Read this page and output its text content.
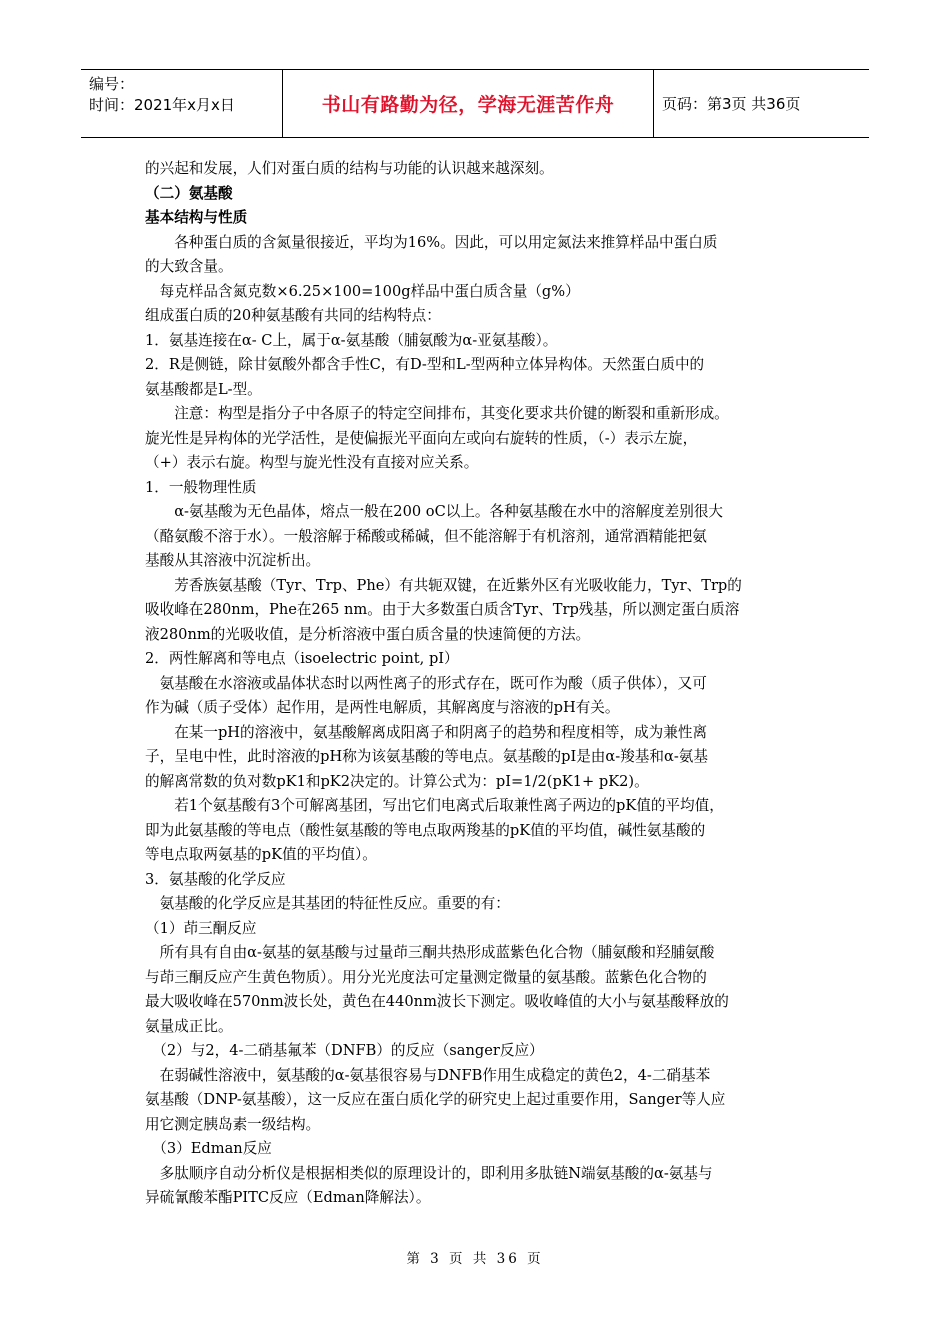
编号：
时间：2021年x月x日	书山有路勤为径，学海无涯苦作舟	页码：第3页 共36页

的兴起和发展，人们对蛋白质的结构与功能的认识越来越深刻。

（二）氨基酸

基本结构与性质

　　各种蛋白质的含氮量很接近，平均为16%。因此，可以用定氮法来推算样品中蛋白质

的大致含量。

　每克样品含氮克数×6.25×100=100g样品中蛋白质含量（g%）

组成蛋白质的20种氨基酸有共同的结构特点：

1．氨基连接在α- C上，属于α-氨基酸（脯氨酸为α-亚氨基酸）。

2．R是侧链，除甘氨酸外都含手性C，有D-型和L-型两种立体异构体。天然蛋白质中的

氨基酸都是L-型。

　　注意：构型是指分子中各原子的特定空间排布，其变化要求共价键的断裂和重新形成。

旋光性是异构体的光学活性，是使偏振光平面向左或向右旋转的性质，（-）表示左旋，

（+）表示右旋。构型与旋光性没有直接对应关系。

1．一般物理性质

　　α-氨基酸为无色晶体，熔点一般在200 oC以上。各种氨基酸在水中的溶解度差别很大

（酪氨酸不溶于水）。一般溶解于稀酸或稀碱，但不能溶解于有机溶剂，通常酒精能把氨

基酸从其溶液中沉淀析出。

　　芳香族氨基酸（Tyr、Trp、Phe）有共轭双键，在近紫外区有光吸收能力，Tyr、Trp的

吸收峰在280nm，Phe在265 nm。由于大多数蛋白质含Tyr、Trp残基，所以测定蛋白质溶

液280nm的光吸收值，是分析溶液中蛋白质含量的快速简便的方法。

2．两性解离和等电点（isoelectric point, pI）

　氨基酸在水溶液或晶体状态时以两性离子的形式存在，既可作为酸（质子供体），又可

作为碱（质子受体）起作用，是两性电解质，其解离度与溶液的pH有关。

　　在某一pH的溶液中，氨基酸解离成阳离子和阴离子的趋势和程度相等，成为兼性离

子，呈电中性，此时溶液的pH称为该氨基酸的等电点。氨基酸的pI是由α-羧基和α-氨基

的解离常数的负对数pK1和pK2决定的。计算公式为：pI=1/2(pK1+ pK2)。

　　若1个氨基酸有3个可解离基团，写出它们电离式后取兼性离子两边的pK值的平均值，

即为此氨基酸的等电点（酸性氨基酸的等电点取两羧基的pK值的平均值，碱性氨基酸的

等电点取两氨基的pK值的平均值）。

3．氨基酸的化学反应

　氨基酸的化学反应是其基团的特征性反应。重要的有：

（1）茚三酮反应

　所有具有自由α-氨基的氨基酸与过量茚三酮共热形成蓝紫色化合物（脯氨酸和羟脯氨酸

与茚三酮反应产生黄色物质）。用分光光度法可定量测定微量的氨基酸。蓝紫色化合物的

最大吸收峰在570nm波长处，黄色在440nm波长下测定。吸收峰值的大小与氨基酸释放的

氨量成正比。

　（2）与2，4-二硝基氟苯（DNFB）的反应（sanger反应）

　在弱碱性溶液中，氨基酸的α-氨基很容易与DNFB作用生成稳定的黄色2，4-二硝基苯

氨基酸（DNP-氨基酸），这一反应在蛋白质化学的研究史上起过重要作用，Sanger等人应

用它测定胰岛素一级结构。

　（3）Edman反应

　多肽顺序自动分析仪是根据相类似的原理设计的，即利用多肽链N端氨基酸的α-氨基与

异硫氰酸苯酯PITC反应（Edman降解法）。

第 3 页 共 36 页
